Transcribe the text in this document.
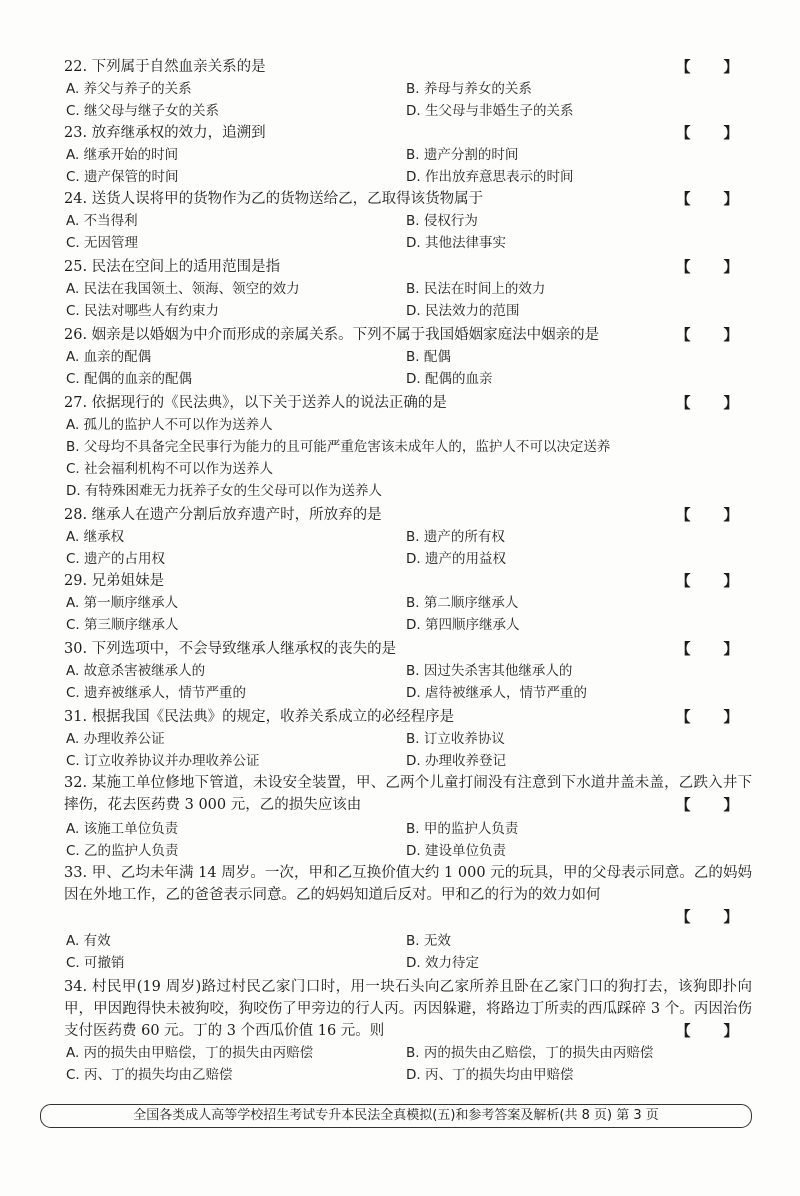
22. 下列属于自然血亲关系的是	【 】
A. 养父与养子的关系	B. 养母与养女的关系
C. 继父母与继子女的关系	D. 生父母与非婚生子的关系
23. 放弃继承权的效力，追溯到	【 】
A. 继承开始的时间	B. 遗产分割的时间
C. 遗产保管的时间	D. 作出放弃意思表示的时间
24. 送货人误将甲的货物作为乙的货物送给乙，乙取得该货物属于	【 】
A. 不当得利	B. 侵权行为
C. 无因管理	D. 其他法律事实
25. 民法在空间上的适用范围是指	【 】
A. 民法在我国领土、领海、领空的效力	B. 民法在时间上的效力
C. 民法对哪些人有约束力	D. 民法效力的范围
26. 姻亲是以婚姻为中介而形成的亲属关系。下列不属于我国婚姻家庭法中姻亲的是	【 】
A. 血亲的配偶	B. 配偶
C. 配偶的血亲的配偶	D. 配偶的血亲
27. 依据现行的《民法典》，以下关于送养人的说法正确的是	【 】
A. 孤儿的监护人不可以作为送养人
B. 父母均不具备完全民事行为能力的且可能严重危害该未成年人的，监护人不可以决定送养
C. 社会福利机构不可以作为送养人
D. 有特殊困难无力抚养子女的生父母可以作为送养人
28. 继承人在遗产分割后放弃遗产时，所放弃的是	【 】
A. 继承权	B. 遗产的所有权
C. 遗产的占用权	D. 遗产的用益权
29. 兄弟姐妹是	【 】
A. 第一顺序继承人	B. 第二顺序继承人
C. 第三顺序继承人	D. 第四顺序继承人
30. 下列选项中，不会导致继承人继承权的丧失的是	【 】
A. 故意杀害被继承人的	B. 因过失杀害其他继承人的
C. 遗弃被继承人，情节严重的	D. 虐待被继承人，情节严重的
31. 根据我国《民法典》的规定，收养关系成立的必经程序是	【 】
A. 办理收养公证	B. 订立收养协议
C. 订立收养协议并办理收养公证	D. 办理收养登记
32. 某施工单位修地下管道，未设安全装置，甲、乙两个儿童打闹没有注意到下水道井盖未盖，乙跌入井下摔伤，花去医药费 3 000 元，乙的损失应该由	【 】
A. 该施工单位负责	B. 甲的监护人负责
C. 乙的监护人负责	D. 建设单位负责
33. 甲、乙均未年满 14 周岁。一次，甲和乙互换价值大约 1 000 元的玩具，甲的父母表示同意。乙的妈妈因在外地工作，乙的爸爸表示同意。乙的妈妈知道后反对。甲和乙的行为的效力如何
【 】
A. 有效	B. 无效
C. 可撤销	D. 效力待定
34. 村民甲(19 周岁)路过村民乙家门口时，用一块石头向乙家所养且卧在乙家门口的狗打去，该狗即扑向甲，甲因跑得快未被狗咬，狗咬伤了甲旁边的行人丙。丙因躲避，将路边丁所卖的西瓜踩碎 3 个。丙因治伤支付医药费 60 元。丁的 3 个西瓜价值 16 元。则	【 】
A. 丙的损失由甲赔偿，丁的损失由丙赔偿	B. 丙的损失由乙赔偿，丁的损失由丙赔偿
C. 丙、丁的损失均由乙赔偿	D. 丙、丁的损失均由甲赔偿
全国各类成人高等学校招生考试专升本民法全真模拟(五)和参考答案及解析(共 8 页) 第 3 页
